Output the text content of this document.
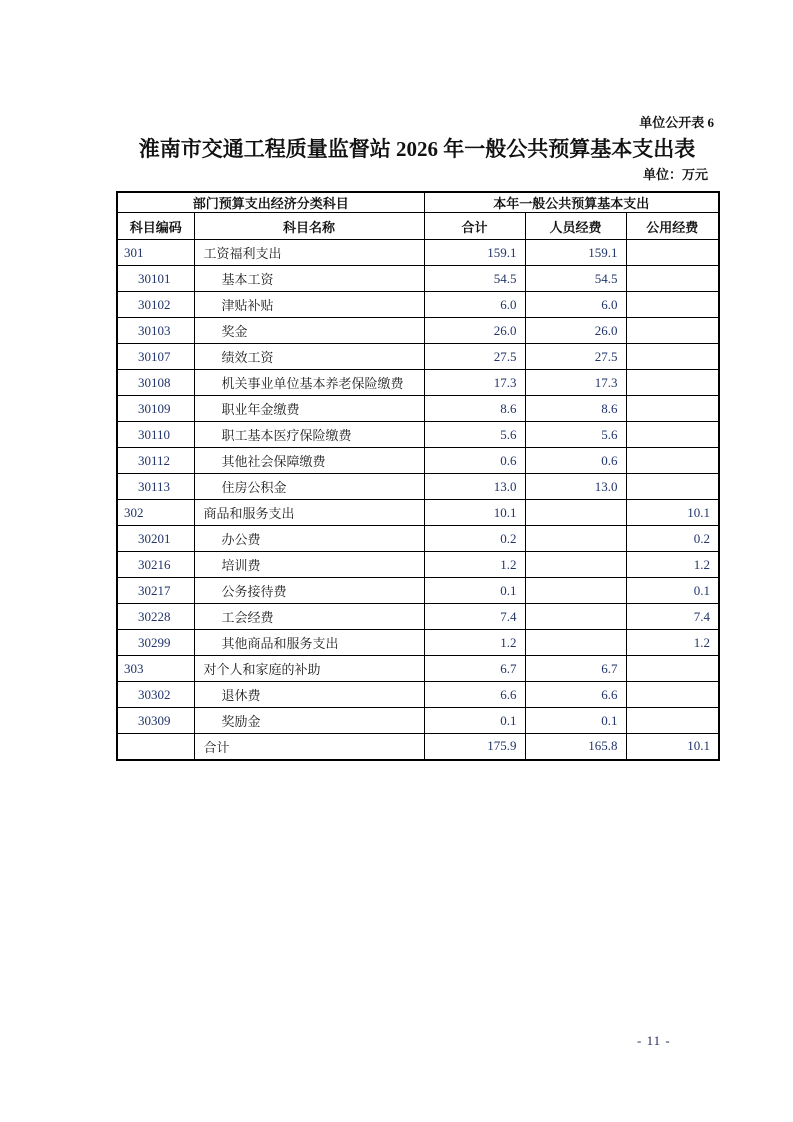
单位公开表 6
淮南市交通工程质量监督站 2026 年一般公共预算基本支出表
单位：万元
部门预算支出经济分类科目		本年一般公共预算基本支出		
科目编码	科目名称	合计	人员经费	公用经费
301	工资福利支出	159.1	159.1	
30101	基本工资	54.5	54.5	
30102	津贴补贴	6.0	6.0	
30103	奖金	26.0	26.0	
30107	绩效工资	27.5	27.5	
30108	机关事业单位基本养老保险缴费	17.3	17.3	
30109	职业年金缴费	8.6	8.6	
30110	职工基本医疗保险缴费	5.6	5.6	
30112	其他社会保障缴费	0.6	0.6	
30113	住房公积金	13.0	13.0	
302	商品和服务支出	10.1		10.1
30201	办公费	0.2		0.2
30216	培训费	1.2		1.2
30217	公务接待费	0.1		0.1
30228	工会经费	7.4		7.4
30299	其他商品和服务支出	1.2		1.2
303	对个人和家庭的补助	6.7	6.7	
30302	退休费	6.6	6.6	
30309	奖励金	0.1	0.1	
	合计	175.9	165.8	10.1
- 11 -
